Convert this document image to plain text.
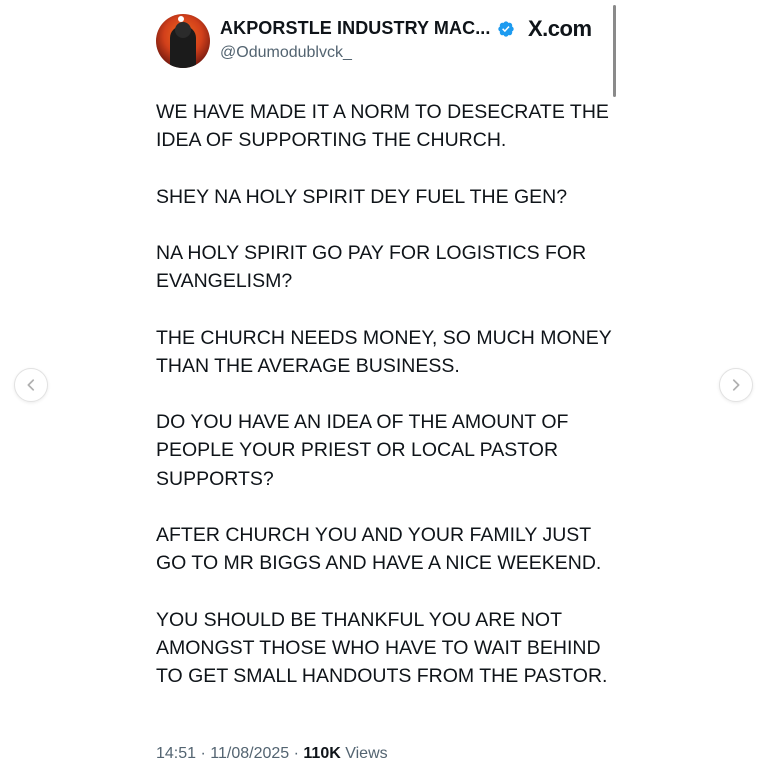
AKPORSTLE INDUSTRY MAC...
@Odumodublvck_
X.com

WE HAVE MADE IT A NORM TO DESECRATE THE IDEA OF SUPPORTING THE CHURCH.

SHEY NA HOLY SPIRIT DEY FUEL THE GEN?

NA HOLY SPIRIT GO PAY FOR LOGISTICS FOR EVANGELISM?

THE CHURCH NEEDS MONEY, SO MUCH MONEY THAN THE AVERAGE BUSINESS.

DO YOU HAVE AN IDEA OF THE AMOUNT OF PEOPLE YOUR PRIEST OR LOCAL PASTOR SUPPORTS?

AFTER CHURCH YOU AND YOUR FAMILY JUST GO TO MR BIGGS AND HAVE A NICE WEEKEND.

YOU SHOULD BE THANKFUL YOU ARE NOT AMONGST THOSE WHO HAVE TO WAIT BEHIND TO GET SMALL HANDOUTS FROM THE PASTOR.

14:51 · 11/08/2025 · 110K Views
